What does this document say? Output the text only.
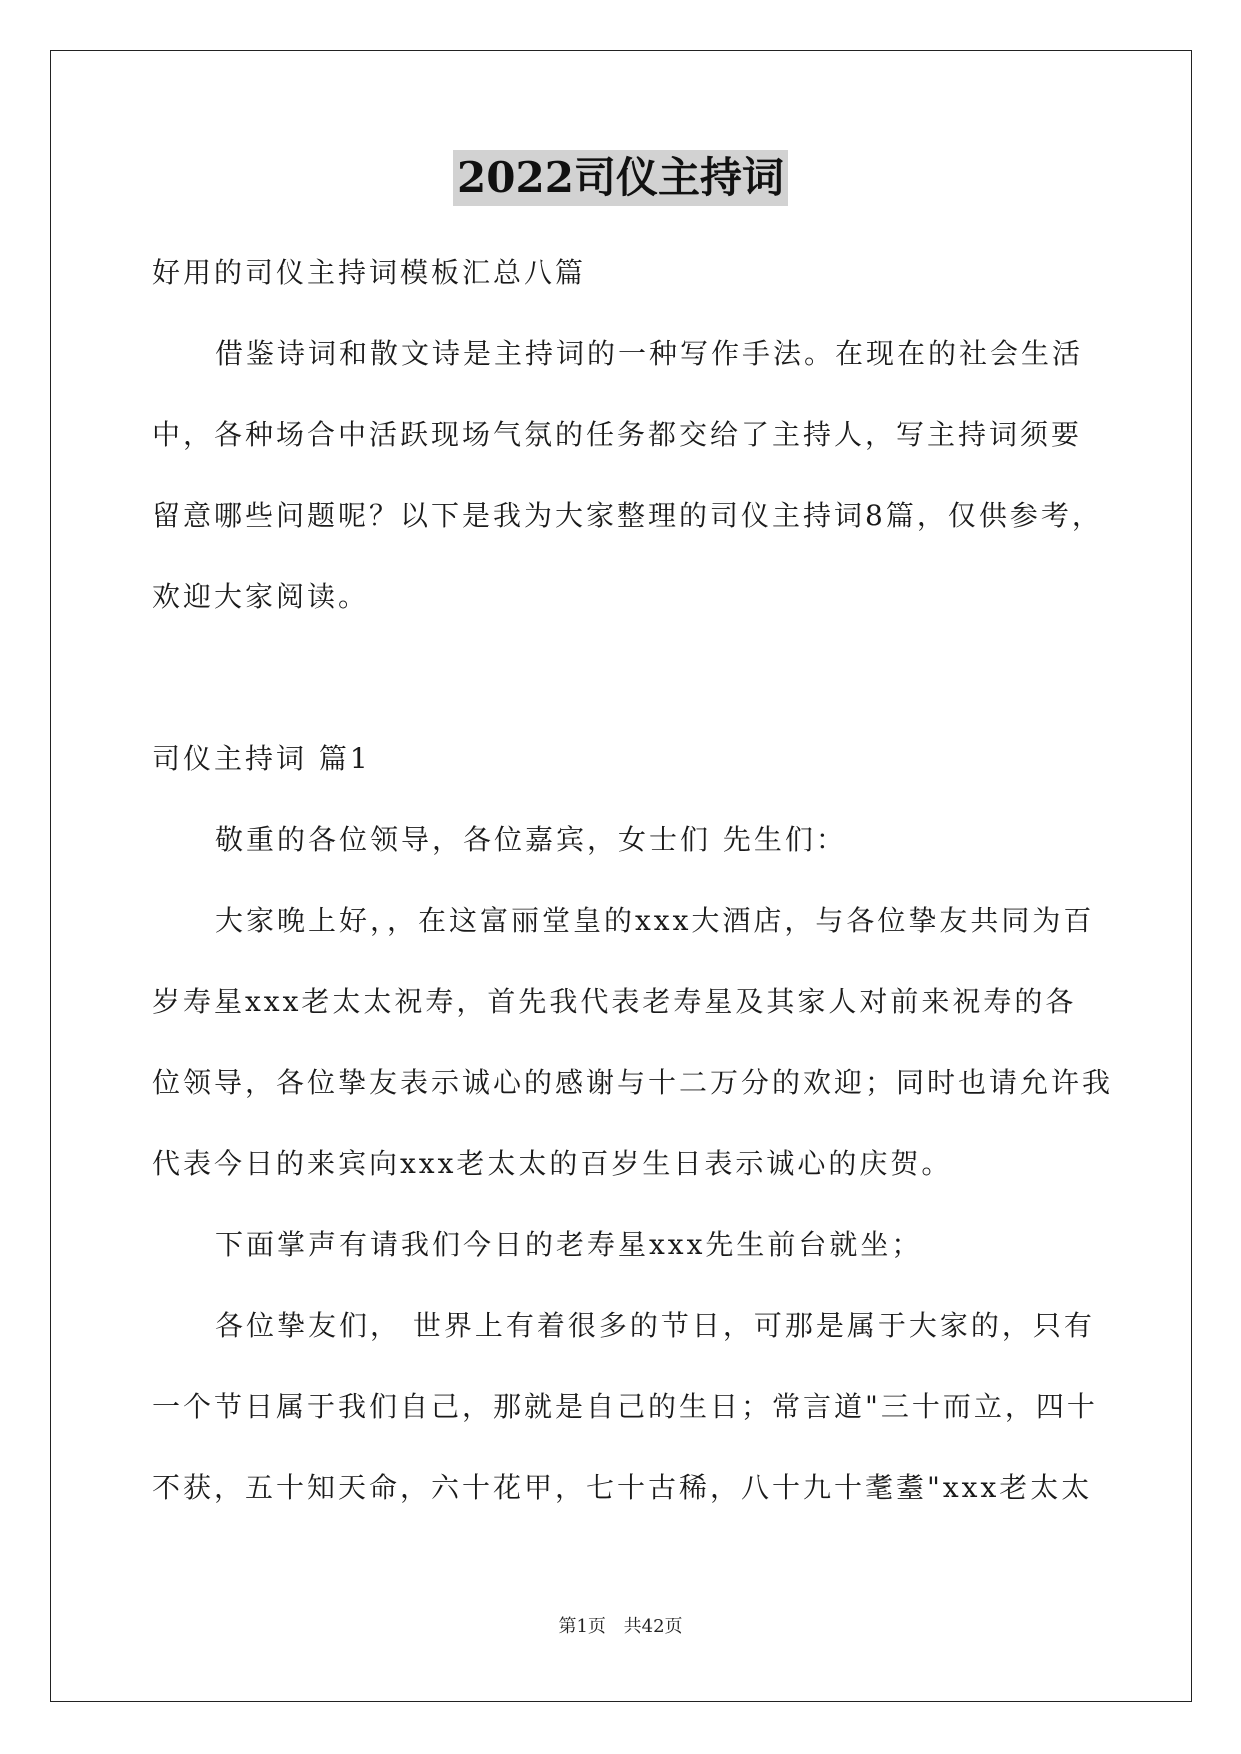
2022司仪主持词
好用的司仪主持词模板汇总八篇
借鉴诗词和散文诗是主持词的一种写作手法。在现在的社会生活
中，各种场合中活跃现场气氛的任务都交给了主持人，写主持词须要
留意哪些问题呢？以下是我为大家整理的司仪主持词8篇，仅供参考，
欢迎大家阅读。
司仪主持词 篇1
敬重的各位领导，各位嘉宾，女士们 先生们：
大家晚上好，，在这富丽堂皇的xxx大酒店，与各位挚友共同为百
岁寿星xxx老太太祝寿，首先我代表老寿星及其家人对前来祝寿的各
位领导，各位挚友表示诚心的感谢与十二万分的欢迎；同时也请允许我
代表今日的来宾向xxx老太太的百岁生日表示诚心的庆贺。
下面掌声有请我们今日的老寿星xxx先生前台就坐；
各位挚友们， 世界上有着很多的节日，可那是属于大家的，只有
一个节日属于我们自己，那就是自己的生日；常言道"三十而立，四十
不获，五十知天命，六十花甲，七十古稀，八十九十耄耋"xxx老太太
第1页 共42页
